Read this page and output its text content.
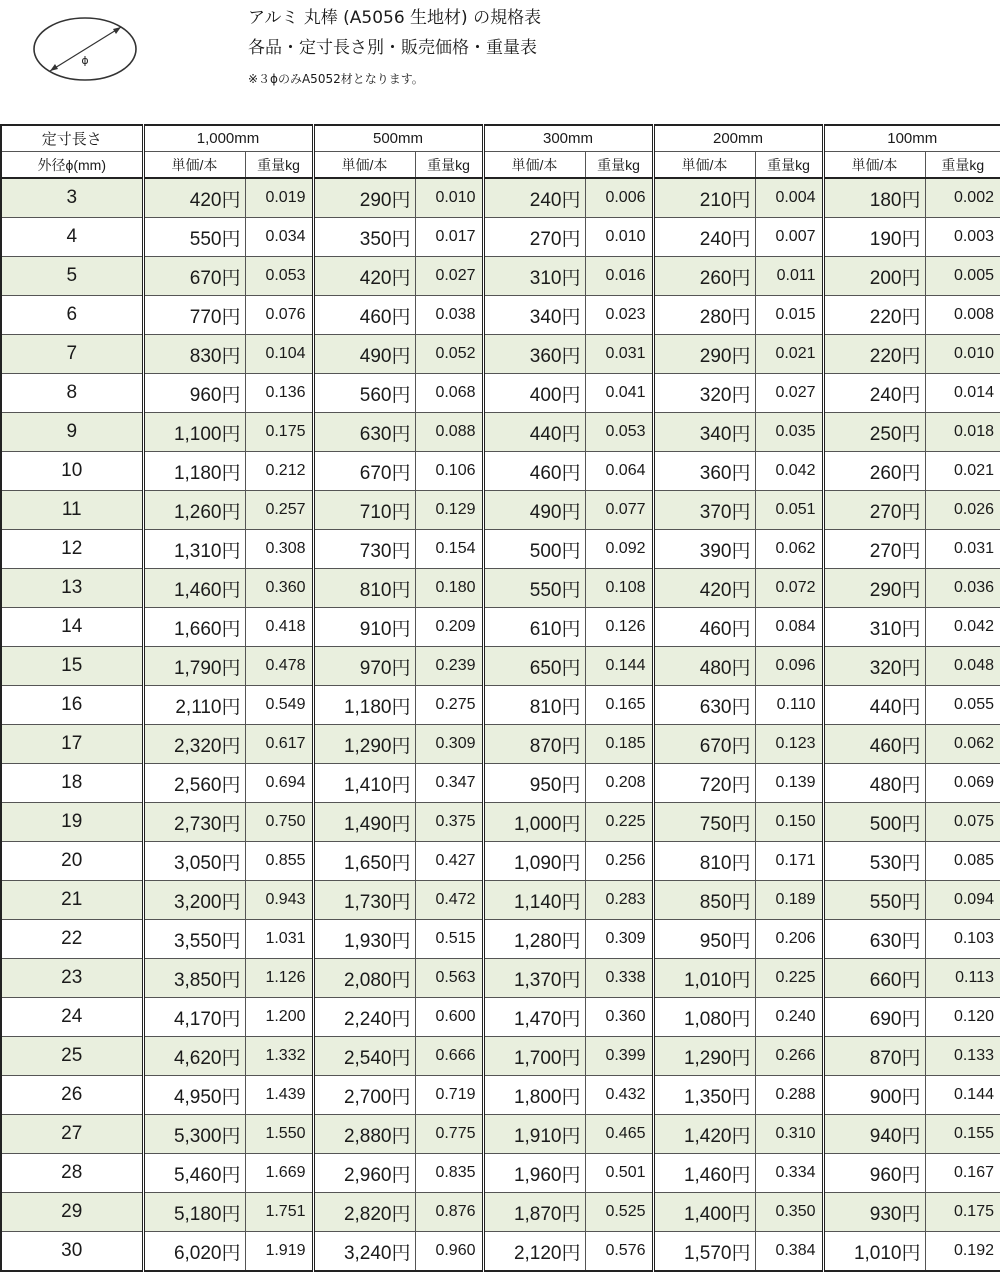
ϕ
アルミ 丸棒 (A5056 生地材) の規格表
各品・定寸長さ別・販売価格・重量表
※３ϕのみA5052材となります。
定寸長さ	1,000mm		500mm		300mm		200mm		100mm	
外径ϕ(mm)	単価/本	重量kg	単価/本	重量kg	単価/本	重量kg	単価/本	重量kg	単価/本	重量kg
3	420円	0.019	290円	0.010	240円	0.006	210円	0.004	180円	0.002
4	550円	0.034	350円	0.017	270円	0.010	240円	0.007	190円	0.003
5	670円	0.053	420円	0.027	310円	0.016	260円	0.011	200円	0.005
6	770円	0.076	460円	0.038	340円	0.023	280円	0.015	220円	0.008
7	830円	0.104	490円	0.052	360円	0.031	290円	0.021	220円	0.010
8	960円	0.136	560円	0.068	400円	0.041	320円	0.027	240円	0.014
9	1,100円	0.175	630円	0.088	440円	0.053	340円	0.035	250円	0.018
10	1,180円	0.212	670円	0.106	460円	0.064	360円	0.042	260円	0.021
11	1,260円	0.257	710円	0.129	490円	0.077	370円	0.051	270円	0.026
12	1,310円	0.308	730円	0.154	500円	0.092	390円	0.062	270円	0.031
13	1,460円	0.360	810円	0.180	550円	0.108	420円	0.072	290円	0.036
14	1,660円	0.418	910円	0.209	610円	0.126	460円	0.084	310円	0.042
15	1,790円	0.478	970円	0.239	650円	0.144	480円	0.096	320円	0.048
16	2,110円	0.549	1,180円	0.275	810円	0.165	630円	0.110	440円	0.055
17	2,320円	0.617	1,290円	0.309	870円	0.185	670円	0.123	460円	0.062
18	2,560円	0.694	1,410円	0.347	950円	0.208	720円	0.139	480円	0.069
19	2,730円	0.750	1,490円	0.375	1,000円	0.225	750円	0.150	500円	0.075
20	3,050円	0.855	1,650円	0.427	1,090円	0.256	810円	0.171	530円	0.085
21	3,200円	0.943	1,730円	0.472	1,140円	0.283	850円	0.189	550円	0.094
22	3,550円	1.031	1,930円	0.515	1,280円	0.309	950円	0.206	630円	0.103
23	3,850円	1.126	2,080円	0.563	1,370円	0.338	1,010円	0.225	660円	0.113
24	4,170円	1.200	2,240円	0.600	1,470円	0.360	1,080円	0.240	690円	0.120
25	4,620円	1.332	2,540円	0.666	1,700円	0.399	1,290円	0.266	870円	0.133
26	4,950円	1.439	2,700円	0.719	1,800円	0.432	1,350円	0.288	900円	0.144
27	5,300円	1.550	2,880円	0.775	1,910円	0.465	1,420円	0.310	940円	0.155
28	5,460円	1.669	2,960円	0.835	1,960円	0.501	1,460円	0.334	960円	0.167
29	5,180円	1.751	2,820円	0.876	1,870円	0.525	1,400円	0.350	930円	0.175
30	6,020円	1.919	3,240円	0.960	2,120円	0.576	1,570円	0.384	1,010円	0.192
